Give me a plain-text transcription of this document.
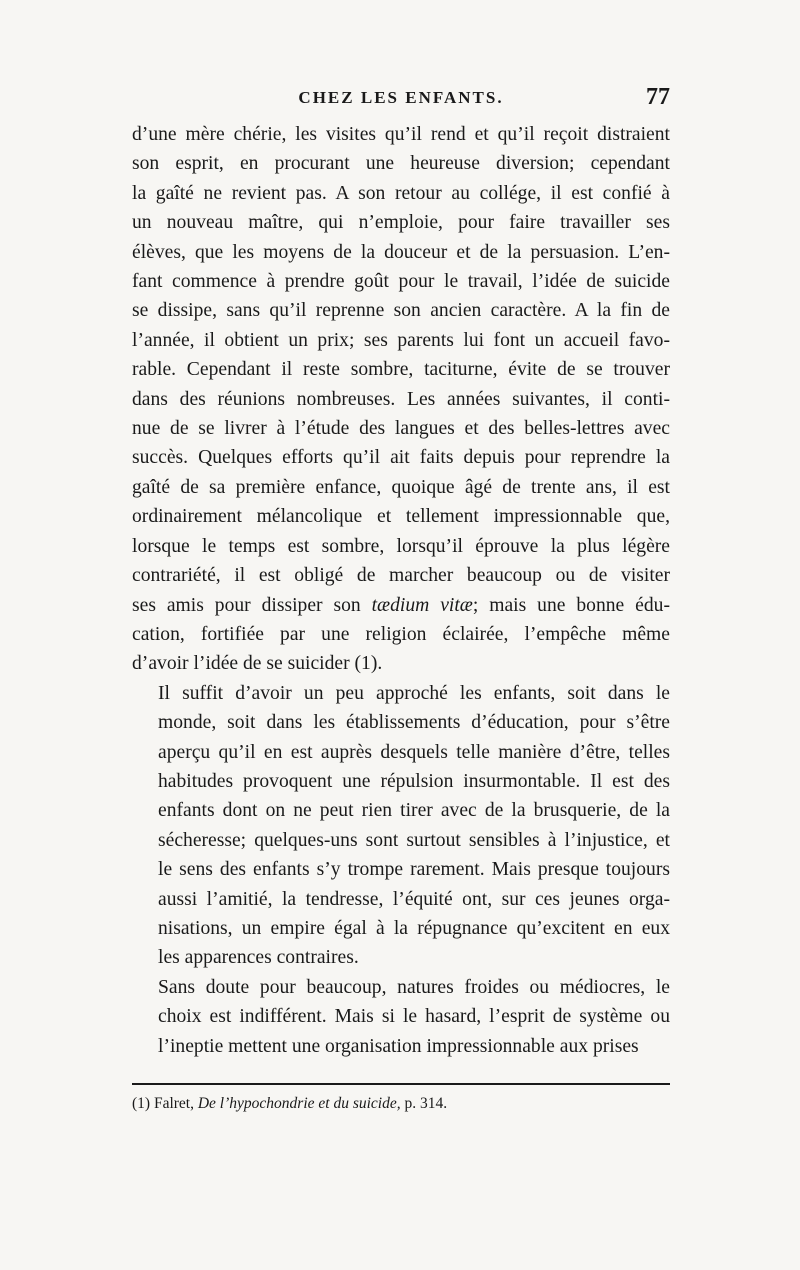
CHEZ LES ENFANTS.	77

d’une mère chérie, les visites qu’il rend et qu’il reçoit distraient
son esprit, en procurant une heureuse diversion; cependant
la gaîté ne revient pas. A son retour au collége, il est confié à
un nouveau maître, qui n’emploie, pour faire travailler ses
élèves, que les moyens de la douceur et de la persuasion. L’en-
fant commence à prendre goût pour le travail, l’idée de suicide
se dissipe, sans qu’il reprenne son ancien caractère. A la fin de
l’année, il obtient un prix; ses parents lui font un accueil favo-
rable. Cependant il reste sombre, taciturne, évite de se trouver
dans des réunions nombreuses. Les années suivantes, il conti-
nue de se livrer à l’étude des langues et des belles-lettres avec
succès. Quelques efforts qu’il ait faits depuis pour reprendre la
gaîté de sa première enfance, quoique âgé de trente ans, il est
ordinairement mélancolique et tellement impressionnable que,
lorsque le temps est sombre, lorsqu’il éprouve la plus légère
contrariété, il est obligé de marcher beaucoup ou de visiter
ses amis pour dissiper son tædium vitæ; mais une bonne édu-
cation, fortifiée par une religion éclairée, l’empêche même
d’avoir l’idée de se suicider (1).

Il suffit d’avoir un peu approché les enfants, soit dans le
monde, soit dans les établissements d’éducation, pour s’être
aperçu qu’il en est auprès desquels telle manière d’être, telles
habitudes provoquent une répulsion insurmontable. Il est des
enfants dont on ne peut rien tirer avec de la brusquerie, de la
sécheresse; quelques-uns sont surtout sensibles à l’injustice, et
le sens des enfants s’y trompe rarement. Mais presque toujours
aussi l’amitié, la tendresse, l’équité ont, sur ces jeunes orga-
nisations, un empire égal à la répugnance qu’excitent en eux
les apparences contraires.

Sans doute pour beaucoup, natures froides ou médiocres, le
choix est indifférent. Mais si le hasard, l’esprit de système ou
l’ineptie mettent une organisation impressionnable aux prises

(1) Falret, De l’hypochondrie et du suicide, p. 314.
